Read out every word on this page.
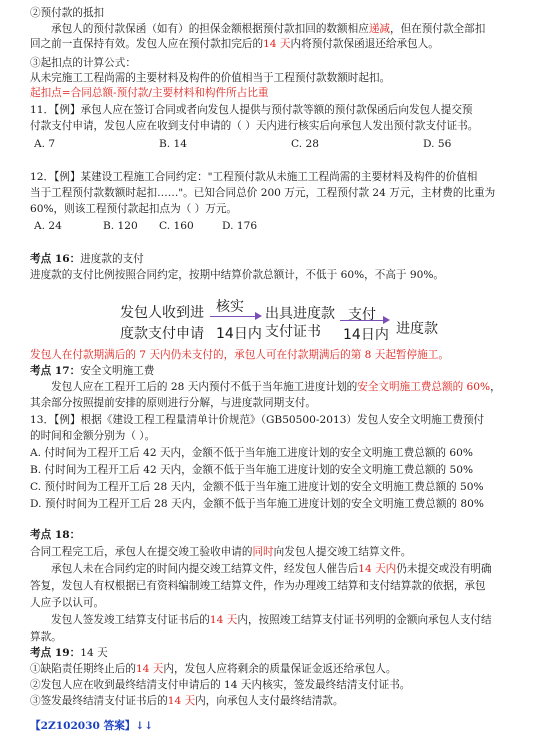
②预付款的抵扣
承包人的预付款保函（如有）的担保金额根据预付款扣回的数额相应递减，但在预付款全部扣
回之前一直保持有效。发包人应在预付款扣完后的14 天内将预付款保函退还给承包人。
③起扣点的计算公式：
从未完施工工程尚需的主要材料及构件的价值相当于工程预付款数额时起扣。
起扣点=合同总额-预付款/主要材料和构件所占比重
11．【例】承包人应在签订合同或者向发包人提供与预付款等额的预付款保函后向发包人提交预
付款支付申请，发包人应在收到支付申请的（ ）天内进行核实后向承包人发出预付款支付证书。
A. 7	B. 14	C. 28	D. 56
12．【例】某建设工程施工合同约定："工程预付款从未施工工程尚需的主要材料及构件的价值相
当于工程预付款数额时起扣……"。已知合同总价 200 万元，工程预付款 24 万元，主材费的比重为
60%，则该工程预付款起扣点为（ ）万元。
A. 24	B. 120 C. 160	D. 176
考点 16：进度款的支付
进度款的支付比例按照合同约定，按期中结算价款总额计，不低于 60%，不高于 90%。
发包人收到进
度款支付申请
核实
14日内
出具进度款
支付证书
支付
14日内 进度款
发包人在付款期满后的 7 天内仍未支付的，承包人可在付款期满后的第 8 天起暂停施工。
考点 17：安全文明施工费
发包人应在工程开工后的 28 天内预付不低于当年施工进度计划的安全文明施工费总额的 60%，
其余部分按照提前安排的原则进行分解，与进度款同期支付。
13．【例】根据《建设工程工程量清单计价规范》（GB50500-2013）发包人安全文明施工费预付
的时间和金额分别为（ ）。
A. 付时间为工程开工后 42 天内，金额不低于当年施工进度计划的安全文明施工费总额的 60%
B. 付时间为工程开工后 42 天内，金额不低于当年施工进度计划的安全文明施工费总额的 50%
C. 预付时间为工程开工后 28 天内，金额不低于当年施工进度计划的安全文明施工费总额的 50%
D. 预付时间为工程开工后 28 天内，金额不低于当年施工进度计划的安全文明施工费总额的 80%
考点 18：
合同工程完工后，承包人在提交竣工验收申请的同时向发包人提交竣工结算文件。
承包人未在合同约定的时间内提交竣工结算文件，经发包人催告后14 天内仍未提交或没有明确
答复，发包人有权根据已有资料编制竣工结算文件，作为办理竣工结算和支付结算款的依据，承包
人应予以认可。
发包人签发竣工结算支付证书后的14 天内，按照竣工结算支付证书列明的金额向承包人支付结
算款。
考点 19：14 天
①缺陷责任期终止后的14 天内，发包人应将剩余的质量保证金返还给承包人。
②发包人应在收到最终结清支付申请后的 14 天内核实，签发最终结清支付证书。
③签发最终结清支付证书后的14 天内，向承包人支付最终结清款。
【2Z102030 答案】↓↓
